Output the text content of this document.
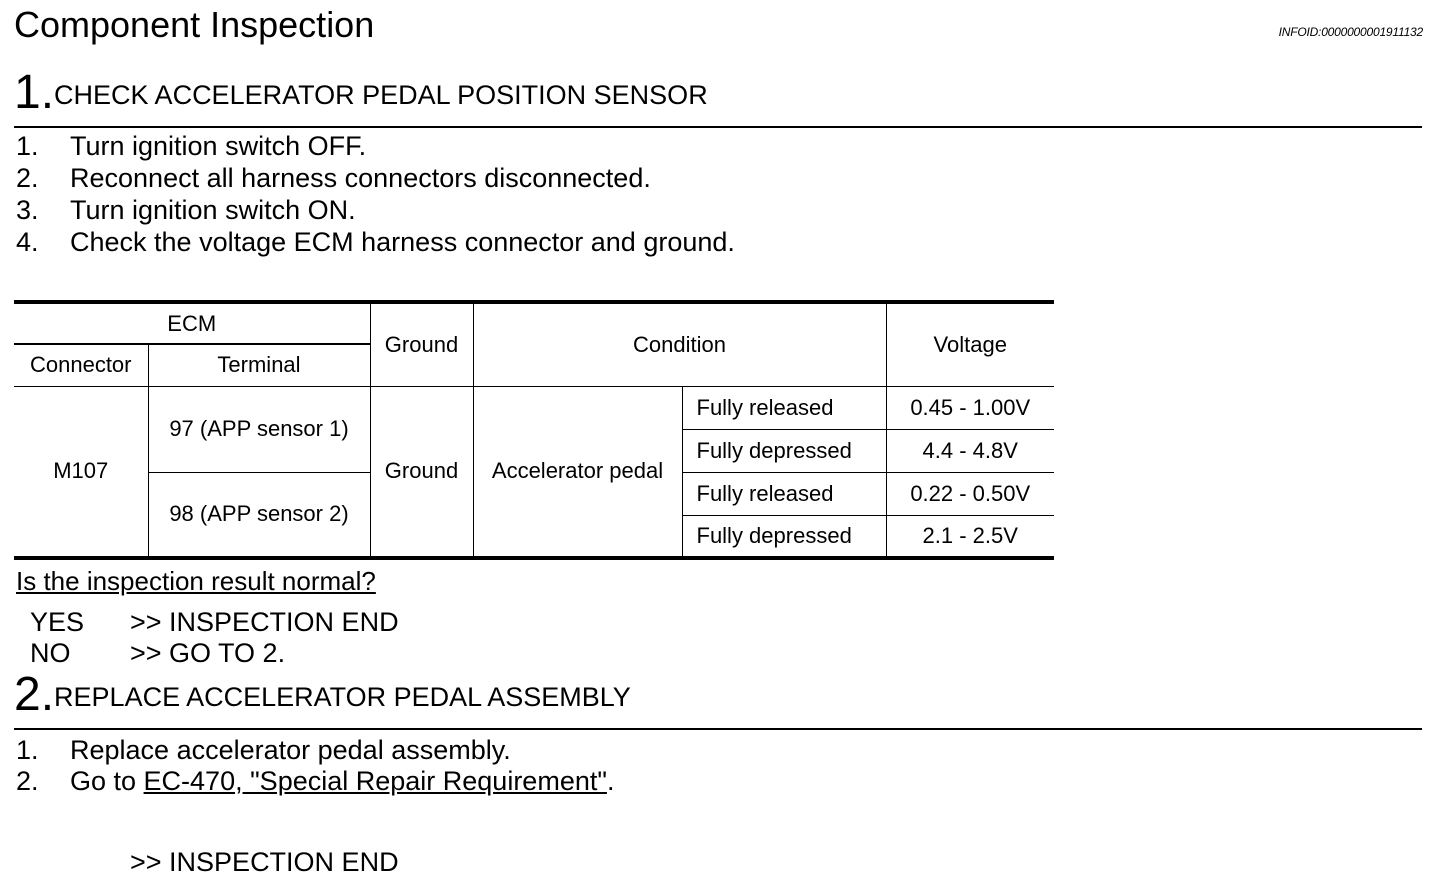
Component Inspection	INFOID:0000000001911132
1.CHECK ACCELERATOR PEDAL POSITION SENSOR
1. Turn ignition switch OFF.
2. Reconnect all harness connectors disconnected.
3. Turn ignition switch ON.
4. Check the voltage ECM harness connector and ground.
ECM		Ground	Condition		Voltage
Connector	Terminal				
M107	97 (APP sensor 1)	Ground	Accelerator pedal	Fully released	0.45 - 1.00V
				Fully depressed	4.4 - 4.8V
	98 (APP sensor 2)			Fully released	0.22 - 0.50V
				Fully depressed	2.1 - 2.5V
Is the inspection result normal?
YES >> INSPECTION END
NO >> GO TO 2.
2.REPLACE ACCELERATOR PEDAL ASSEMBLY
1. Replace accelerator pedal assembly.
2. Go to EC-470, "Special Repair Requirement".
>> INSPECTION END
